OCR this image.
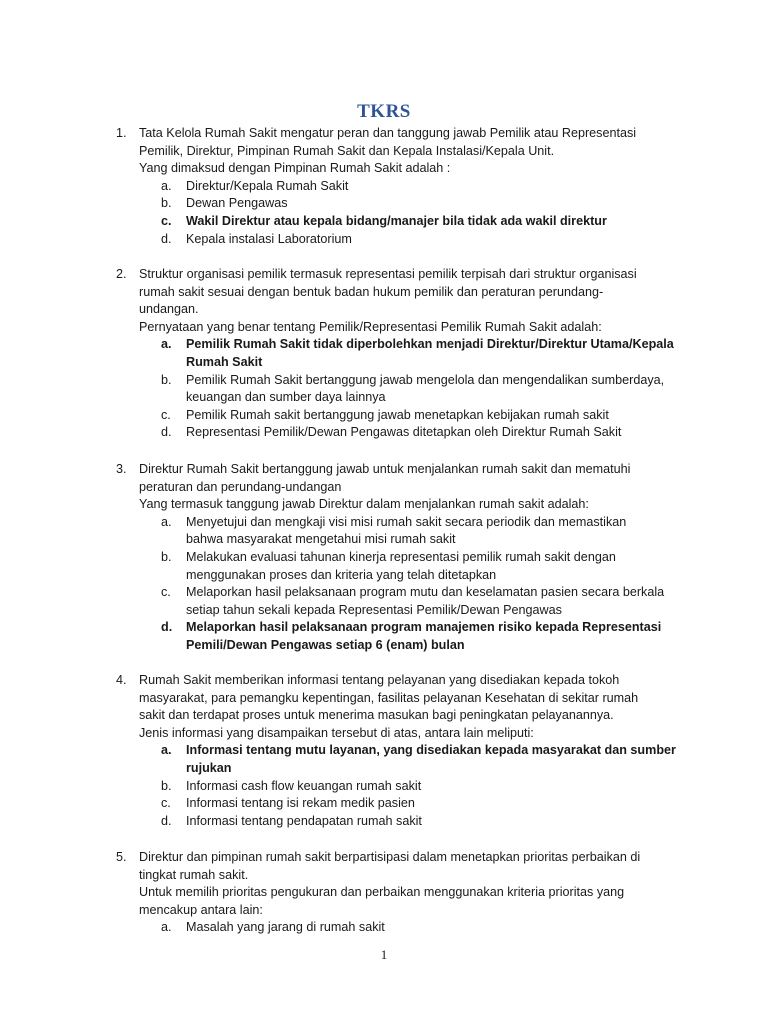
TKRS
1. Tata Kelola Rumah Sakit mengatur peran dan tanggung jawab Pemilik atau Representasi
Pemilik, Direktur, Pimpinan Rumah Sakit dan Kepala Instalasi/Kepala Unit.
Yang dimaksud dengan Pimpinan Rumah Sakit adalah :
a. Direktur/Kepala Rumah Sakit
b. Dewan Pengawas
c. Wakil Direktur atau kepala bidang/manajer bila tidak ada wakil direktur
d. Kepala instalasi Laboratorium
2. Struktur organisasi pemilik termasuk representasi pemilik terpisah dari struktur organisasi
rumah sakit sesuai dengan bentuk badan hukum pemilik dan peraturan perundang-
undangan.
Pernyataan yang benar tentang Pemilik/Representasi Pemilik Rumah Sakit adalah:
a. Pemilik Rumah Sakit tidak diperbolehkan menjadi Direktur/Direktur Utama/Kepala
Rumah Sakit
b. Pemilik Rumah Sakit bertanggung jawab mengelola dan mengendalikan sumberdaya,
keuangan dan sumber daya lainnya
c. Pemilik Rumah sakit bertanggung jawab menetapkan kebijakan rumah sakit
d. Representasi Pemilik/Dewan Pengawas ditetapkan oleh Direktur Rumah Sakit
3. Direktur Rumah Sakit bertanggung jawab untuk menjalankan rumah sakit dan mematuhi
peraturan dan perundang-undangan
Yang termasuk tanggung jawab Direktur dalam menjalankan rumah sakit adalah:
a. Menyetujui dan mengkaji visi misi rumah sakit secara periodik dan memastikan
bahwa masyarakat mengetahui misi rumah sakit
b. Melakukan evaluasi tahunan kinerja representasi pemilik rumah sakit dengan
menggunakan proses dan kriteria yang telah ditetapkan
c. Melaporkan hasil pelaksanaan program mutu dan keselamatan pasien secara berkala
setiap tahun sekali kepada Representasi Pemilik/Dewan Pengawas
d. Melaporkan hasil pelaksanaan program manajemen risiko kepada Representasi
Pemili/Dewan Pengawas setiap 6 (enam) bulan
4. Rumah Sakit memberikan informasi tentang pelayanan yang disediakan kepada tokoh
masyarakat, para pemangku kepentingan, fasilitas pelayanan Kesehatan di sekitar rumah
sakit dan terdapat proses untuk menerima masukan bagi peningkatan pelayanannya.
Jenis informasi yang disampaikan tersebut di atas, antara lain meliputi:
a. Informasi tentang mutu layanan, yang disediakan kepada masyarakat dan sumber
rujukan
b. Informasi cash flow keuangan rumah sakit
c. Informasi tentang isi rekam medik pasien
d. Informasi tentang pendapatan rumah sakit
5. Direktur dan pimpinan rumah sakit berpartisipasi dalam menetapkan prioritas perbaikan di
tingkat rumah sakit.
Untuk memilih prioritas pengukuran dan perbaikan menggunakan kriteria prioritas yang
mencakup antara lain:
a. Masalah yang jarang di rumah sakit
1
